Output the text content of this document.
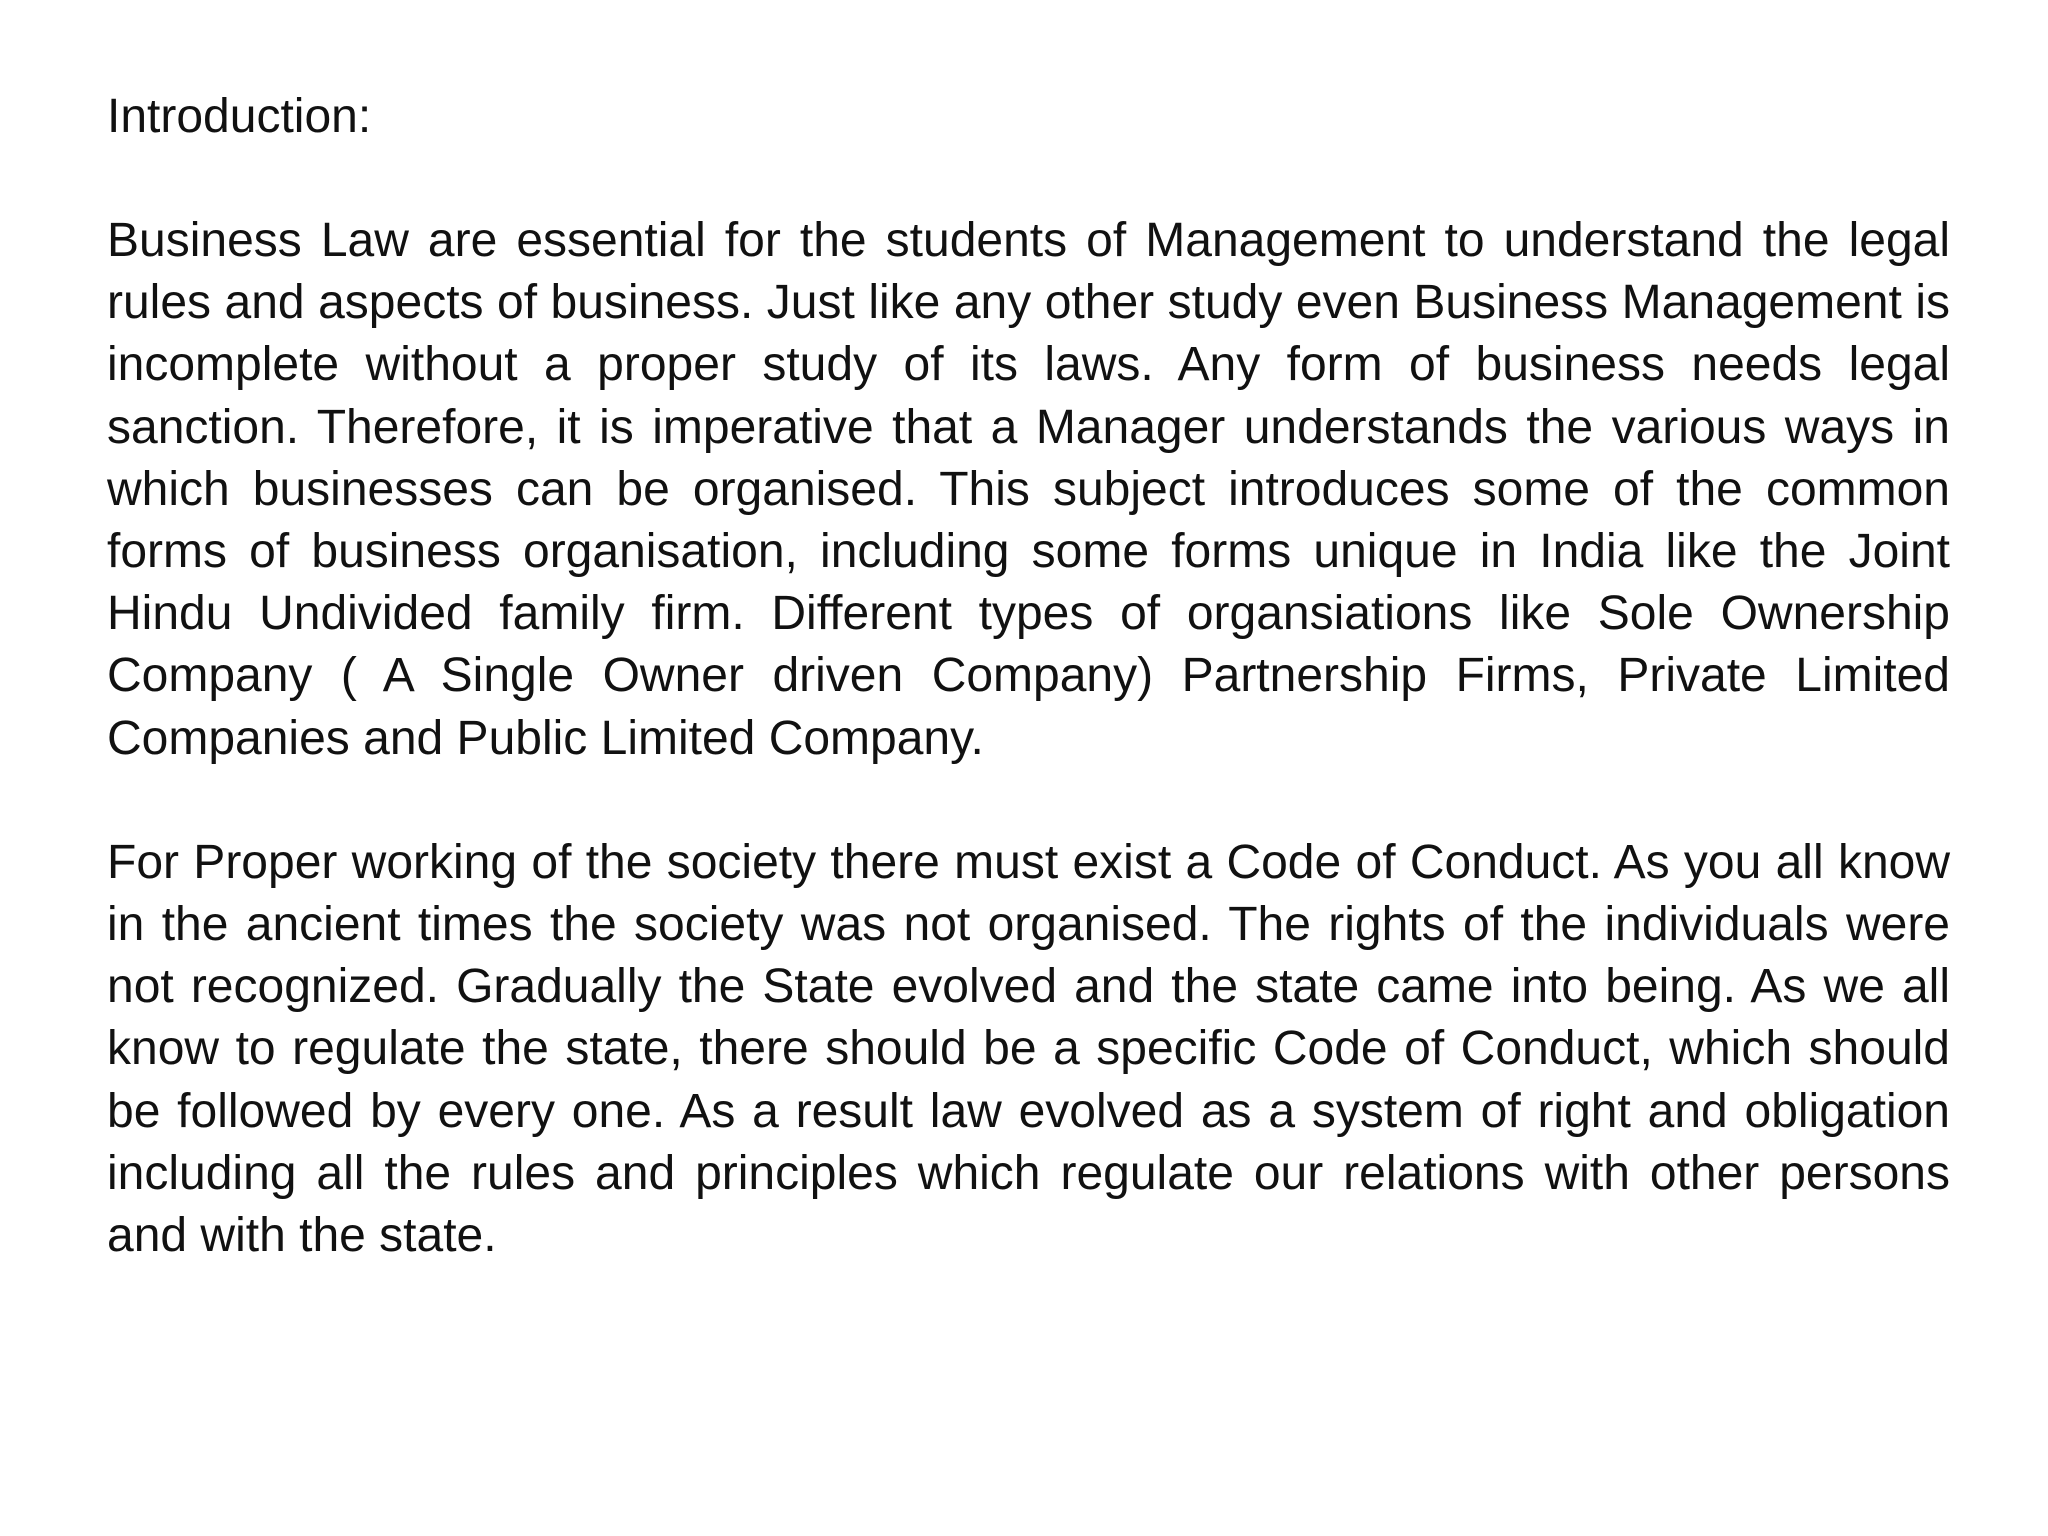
Introduction:

Business Law are essential for the students of Management to understand the legal rules and aspects of business. Just like any other study even Business Management is incomplete without a proper study of its laws. Any form of business needs legal sanction. Therefore, it is imperative that a Manager understands the various ways in which businesses can be organised. This subject introduces some of the common forms of business organisation, including some forms unique in India like the Joint Hindu Undivided family firm. Different types of organsiations like Sole Ownership Company ( A Single Owner driven Company) Partnership Firms, Private Limited Companies and Public Limited Company.

For Proper working of the society there must exist a Code of Conduct. As you all know in the ancient times the society was not organised. The rights of the individuals were not recognized. Gradually the State evolved and the state came into being. As we all know to regulate the state, there should be a specific Code of Conduct, which should be followed by every one. As a result law evolved as a system of right and obligation including all the rules and principles which regulate our relations with other persons and with the state.
